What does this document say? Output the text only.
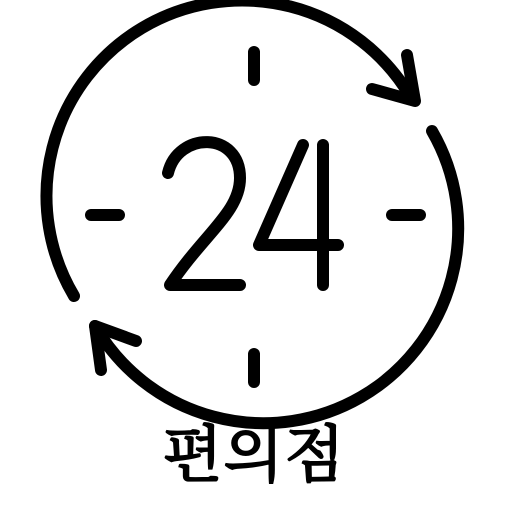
편의점
